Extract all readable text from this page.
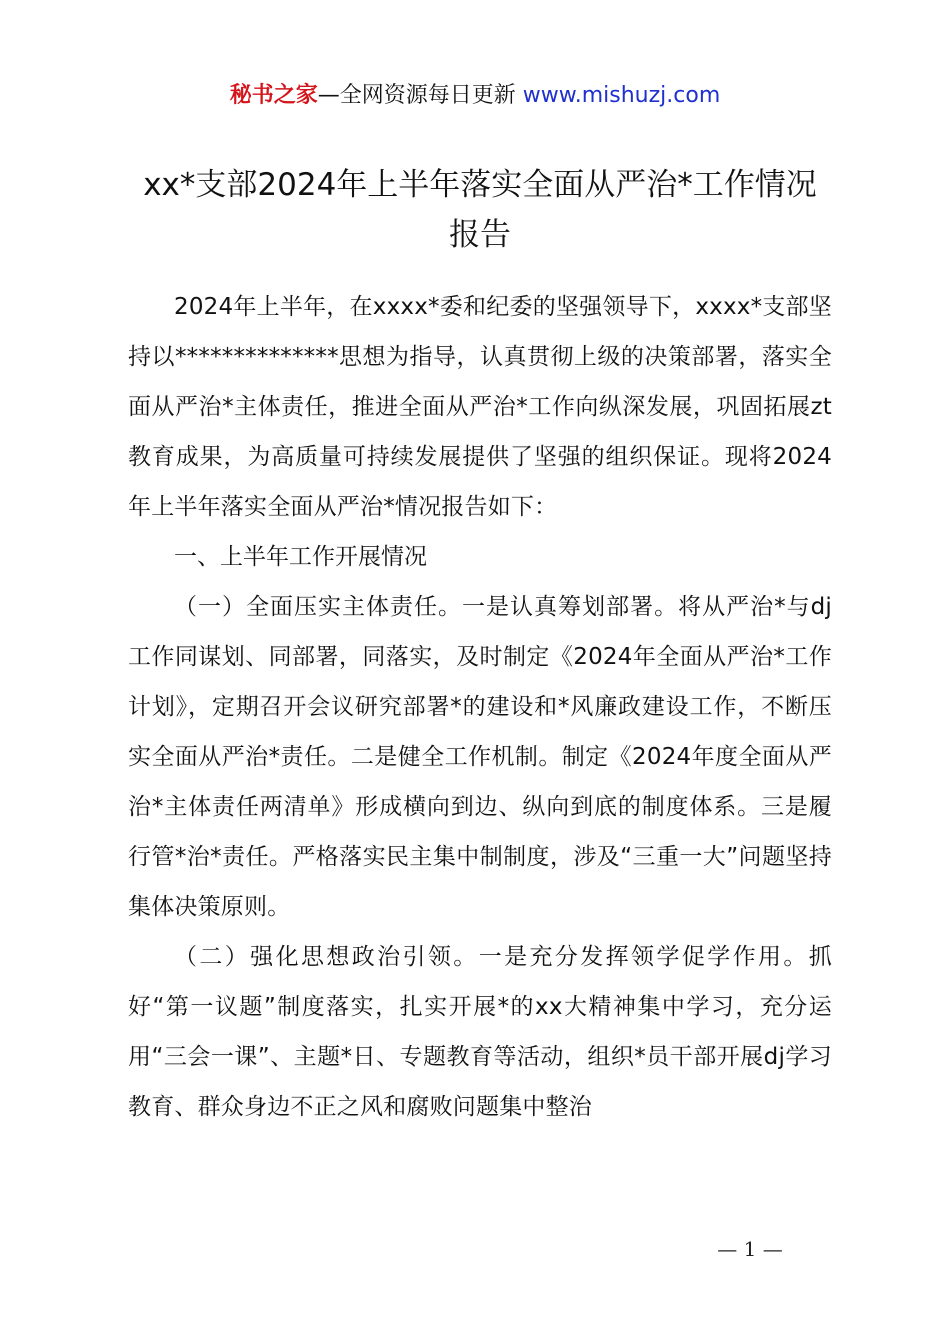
秘书之家—全网资源每日更新 www.mishuzj.com
xx*支部2024年上半年落实全面从严治*工作情况报告

2024年上半年，在xxxx*委和纪委的坚强领导下，xxxx*支部坚持以**************思想为指导，认真贯彻上级的决策部署，落实全面从严治*主体责任，推进全面从严治*工作向纵深发展，巩固拓展zt教育成果，为高质量可持续发展提供了坚强的组织保证。现将2024年上半年落实全面从严治*情况报告如下：

一、上半年工作开展情况

（一）全面压实主体责任。一是认真筹划部署。将从严治*与dj工作同谋划、同部署，同落实，及时制定《2024年全面从严治*工作计划》，定期召开会议研究部署*的建设和*风廉政建设工作，不断压实全面从严治*责任。二是健全工作机制。制定《2024年度全面从严治*主体责任两清单》形成横向到边、纵向到底的制度体系。三是履行管*治*责任。严格落实民主集中制制度，涉及“三重一大”问题坚持集体决策原则。

（二）强化思想政治引领。一是充分发挥领学促学作用。抓好“第一议题”制度落实，扎实开展*的xx大精神集中学习，充分运用“三会一课”、主题*日、专题教育等活动，组织*员干部开展dj学习教育、群众身边不正之风和腐败问题集中整治

— 1 —
